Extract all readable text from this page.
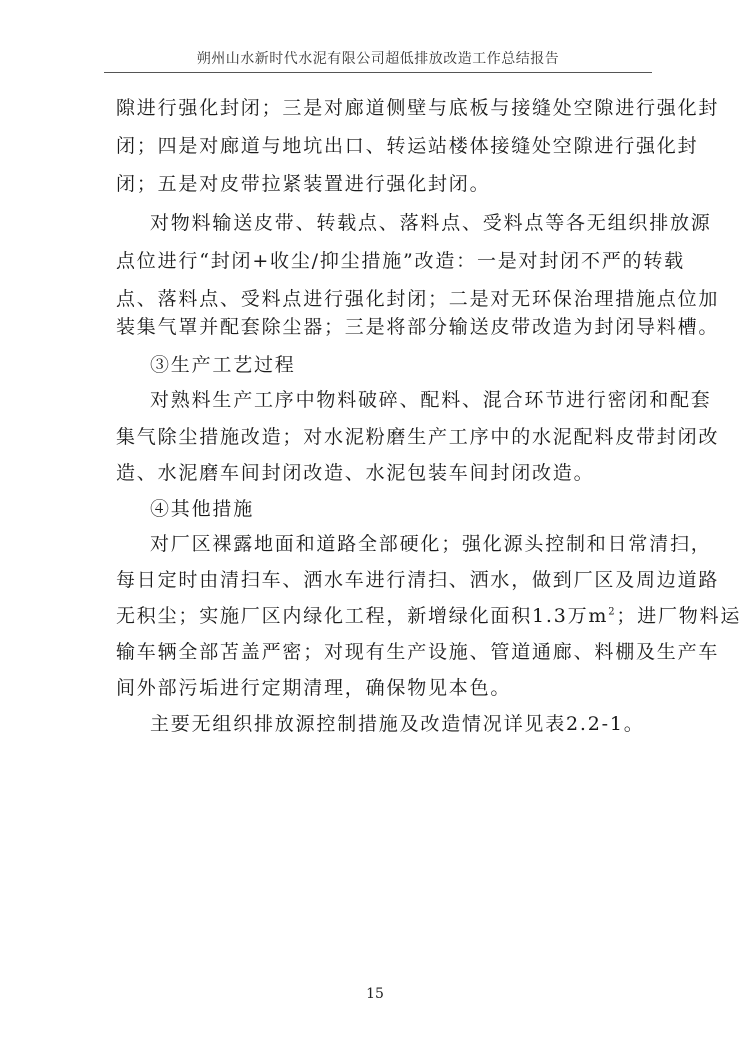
朔州山水新时代水泥有限公司超低排放改造工作总结报告
隙进行强化封闭；三是对廊道侧壁与底板与接缝处空隙进行强化封
闭；四是对廊道与地坑出口、转运站楼体接缝处空隙进行强化封
闭；五是对皮带拉紧装置进行强化封闭。
对物料输送皮带、转载点、落料点、受料点等各无组织排放源
点位进行“封闭+收尘/抑尘措施”改造：一是对封闭不严的转载
点、落料点、受料点进行强化封闭；二是对无环保治理措施点位加
装集气罩并配套除尘器；三是将部分输送皮带改造为封闭导料槽。
③生产工艺过程
对熟料生产工序中物料破碎、配料、混合环节进行密闭和配套
集气除尘措施改造；对水泥粉磨生产工序中的水泥配料皮带封闭改
造、水泥磨车间封闭改造、水泥包装车间封闭改造。
④其他措施
对厂区裸露地面和道路全部硬化；强化源头控制和日常清扫，
每日定时由清扫车、洒水车进行清扫、洒水，做到厂区及周边道路
无积尘；实施厂区内绿化工程，新增绿化面积1.3万$m^2$；进厂物料运
输车辆全部苫盖严密；对现有生产设施、管道通廊、料棚及生产车
间外部污垢进行定期清理，确保物见本色。
主要无组织排放源控制措施及改造情况详见表2.2-1。
15
